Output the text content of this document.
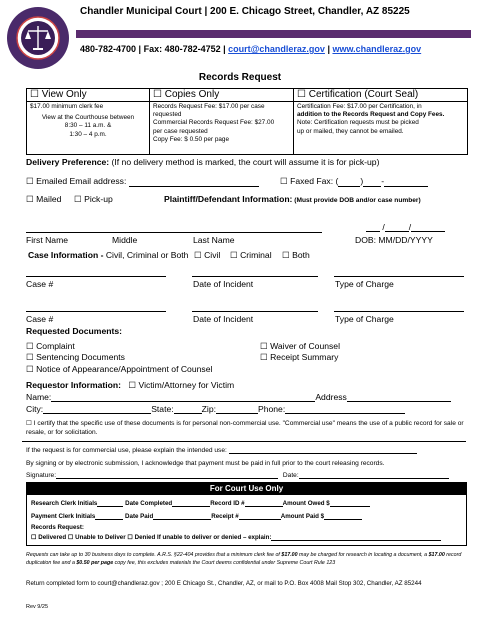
Chandler Municipal Court | 200 E. Chicago Street, Chandler, AZ 85225
480-782-4700 | Fax: 480-782-4752 | court@chandleraz.gov | www.chandleraz.gov
Records Request
☐ View Only
$17.00 minimum clerk fee
View at the Courthouse between
8:30 – 11 a.m. &
1:30 – 4 p.m.
☐ Copies Only
Records Request Fee: $17.00 per case
requested
Commercial Records Request Fee: $27.00
per case requested
Copy Fee: $ 0.50 per page
☐ Certification (Court Seal)
Certification Fee: $17.00 per Certification, in
addition to the Records Request and Copy Fees.
Note: Certification requests must be picked
up or mailed, they cannot be emailed.
Delivery Preference: (If no delivery method is marked, the court will assume it is for pick-up)
☐ Emailed Email address:	☐ Faxed Fax: (	) -
☐ Mailed ☐ Pick-up	Plaintiff/Defendant Information: (Must provide DOB and/or case number)
/	/
First Name	Middle	Last Name	DOB: MM/DD/YYYY
Case Information - Civil, Criminal or Both ☐ Civil ☐ Criminal ☐ Both
Case #	Date of Incident	Type of Charge
Case #	Date of Incident	Type of Charge
Requested Documents:
☐ Complaint
☐ Sentencing Documents
☐ Notice of Appearance/Appointment of Counsel
☐ Waiver of Counsel
☐ Receipt Summary
Requestor Information: ☐ Victim/Attorney for Victim
Name:	Address
City:	State:	Zip:	Phone:
☐ I certify that the specific use of these documents is for personal non-commercial use. "Commercial use" means the use of a public record for sale or resale, or for solicitation.
If the request is for commercial use, please explain the intended use:
By signing or by electronic submission, I acknowledge that payment must be paid in full prior to the court releasing records.
Signature:	Date:
For Court Use Only
Research Clerk Initials	Date Completed	Record ID #	Amount Owed $
Payment Clerk Initials	Date Paid	Receipt #	Amount Paid $
Records Request:
☐ Delivered ☐ Unable to Deliver ☐ Denied If unable to deliver or denied – explain:
Requests can take up to 30 business days to complete. A.R.S. §22-404 provides that a minimum clerk fee of $17.00 may be charged for research in locating a document, a $17.00 record duplication fee and a $0.50 per page copy fee, this excludes materials the Court deems confidential under Supreme Court Rule 123
Return completed form to court@chandleraz.gov ; 200 E Chicago St., Chandler, AZ, or mail to P.O. Box 4008 Mail Stop 302, Chandler, AZ 85244
Rev 9/25
